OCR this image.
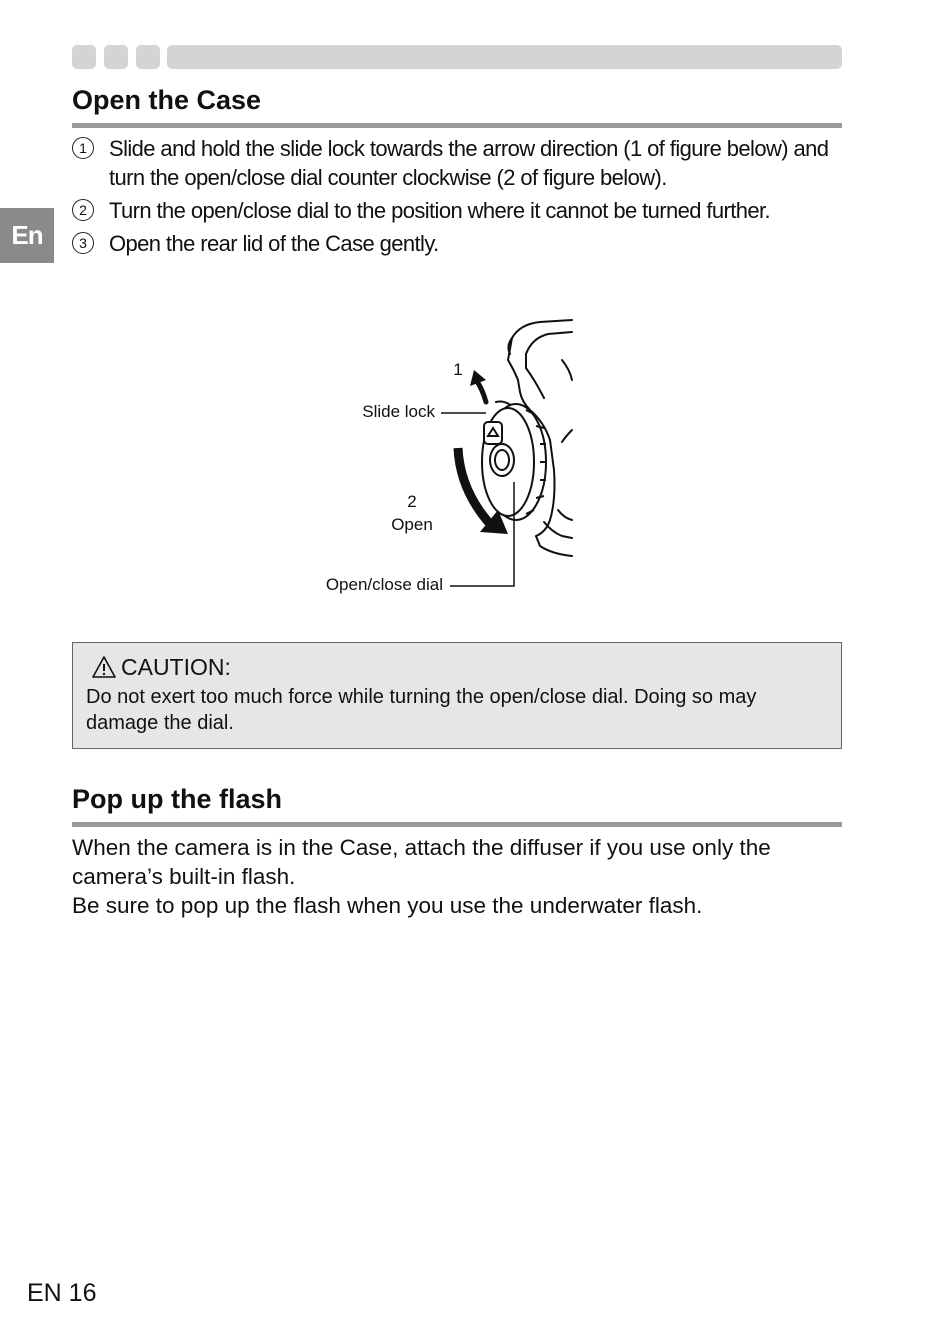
En
Open the Case
1	Slide and hold the slide lock towards the arrow direction (1 of figure below) and turn the open/close dial counter clockwise (2 of figure below).
2	Turn the open/close dial to the position where it cannot be turned further.
3	Open the rear lid of the Case gently.
1
Slide lock
2
Open
Open/close dial
CAUTION:

Do not exert too much force while turning the open/close dial. Doing so may damage the dial.

Pop up the flash

When the camera is in the Case, attach the diffuser if you use only the camera’s built-in flash.

Be sure to pop up the flash when you use the underwater flash.

EN 16
